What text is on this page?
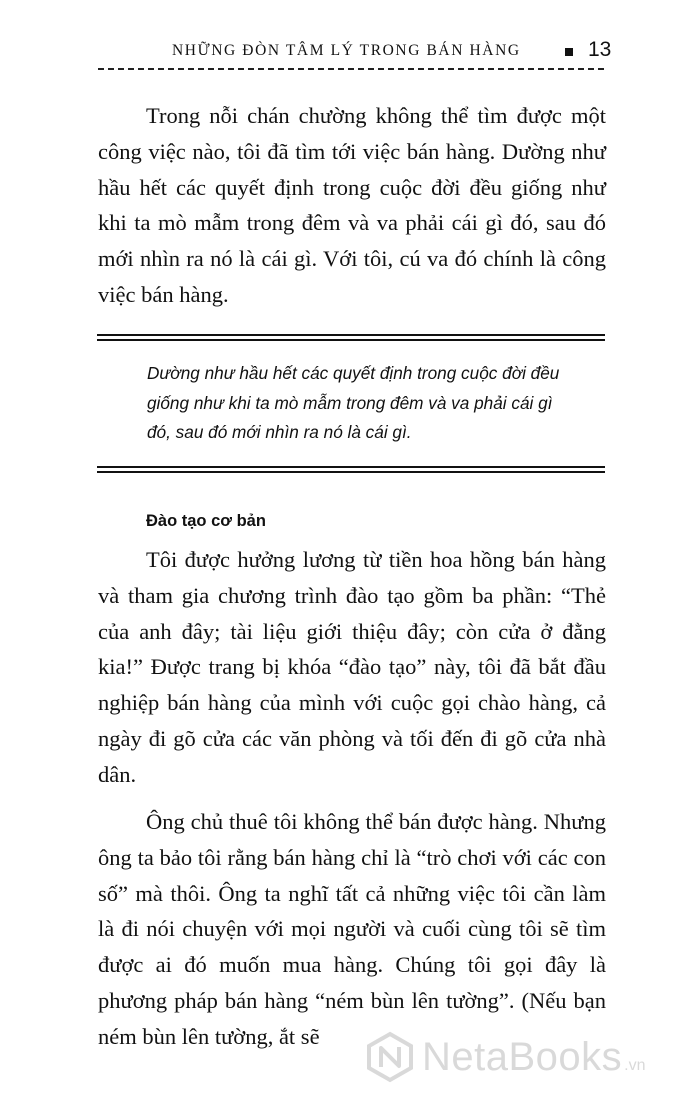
NHỮNG ĐÒN TÂM LÝ TRONG BÁN HÀNG	13

Trong nỗi chán chường không thể tìm được một công việc nào, tôi đã tìm tới việc bán hàng. Dường như hầu hết các quyết định trong cuộc đời đều giống như khi ta mò mẫm trong đêm và va phải cái gì đó, sau đó mới nhìn ra nó là cái gì. Với tôi, cú va đó chính là công việc bán hàng.

Dường như hầu hết các quyết định trong cuộc đời đều giống như khi ta mò mẫm trong đêm và va phải cái gì đó, sau đó mới nhìn ra nó là cái gì.

Đào tạo cơ bản

Tôi được hưởng lương từ tiền hoa hồng bán hàng và tham gia chương trình đào tạo gồm ba phần: “Thẻ của anh đây; tài liệu giới thiệu đây; còn cửa ở đằng kia!” Được trang bị khóa “đào tạo” này, tôi đã bắt đầu nghiệp bán hàng của mình với cuộc gọi chào hàng, cả ngày đi gõ cửa các văn phòng và tối đến đi gõ cửa nhà dân.

Ông chủ thuê tôi không thể bán được hàng. Nhưng ông ta bảo tôi rằng bán hàng chỉ là “trò chơi với các con số” mà thôi. Ông ta nghĩ tất cả những việc tôi cần làm là đi nói chuyện với mọi người và cuối cùng tôi sẽ tìm được ai đó muốn mua hàng. Chúng tôi gọi đây là phương pháp bán hàng “ném bùn lên tường”. (Nếu bạn ném bùn lên tường, ắt sẽ	NetaBooks .vn
